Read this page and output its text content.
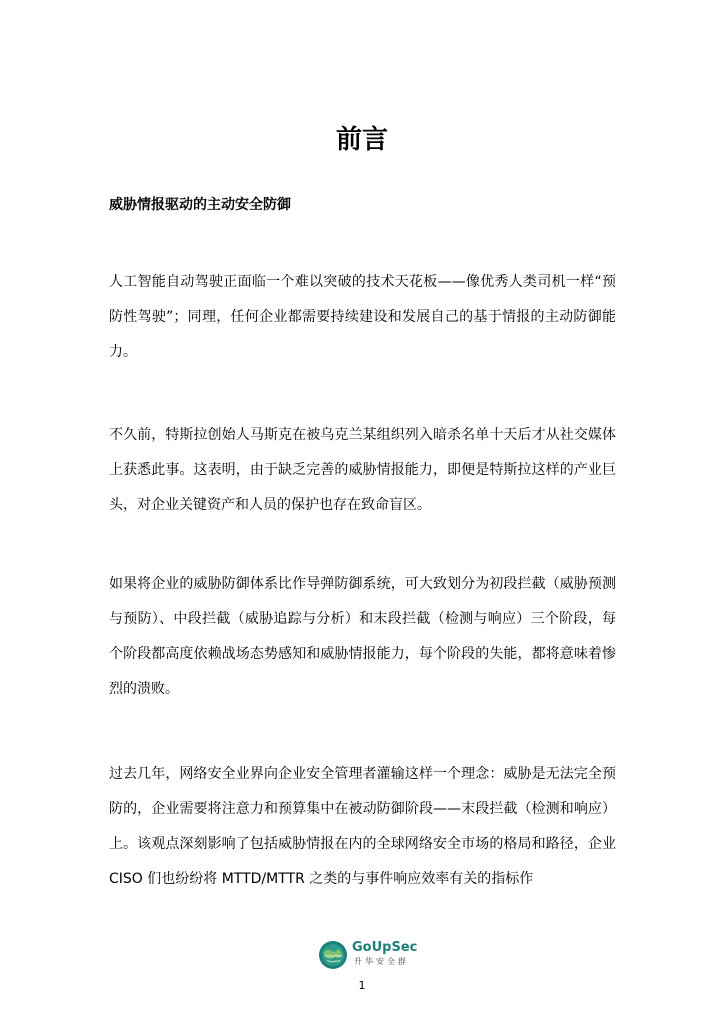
前言
威胁情报驱动的主动安全防御

人工智能自动驾驶正面临一个难以突破的技术天花板——像优秀人类司机一样“预防性驾驶”；同理，任何企业都需要持续建设和发展自己的基于情报的主动防御能力。

不久前，特斯拉创始人马斯克在被乌克兰某组织列入暗杀名单十天后才从社交媒体上获悉此事。这表明，由于缺乏完善的威胁情报能力，即便是特斯拉这样的产业巨头，对企业关键资产和人员的保护也存在致命盲区。

如果将企业的威胁防御体系比作导弹防御系统，可大致划分为初段拦截（威胁预测与预防）、中段拦截（威胁追踪与分析）和末段拦截（检测与响应）三个阶段，每个阶段都高度依赖战场态势感知和威胁情报能力，每个阶段的失能，都将意味着惨烈的溃败。

过去几年，网络安全业界向企业安全管理者灌输这样一个理念：威胁是无法完全预防的，企业需要将注意力和预算集中在被动防御阶段——末段拦截（检测和响应）上。该观点深刻影响了包括威胁情报在内的全球网络安全市场的格局和路径，企业 CISO 们也纷纷将 MTTD/MTTR 之类的与事件响应效率有关的指标作

GoUpSec
GoUpSec
升华安全群
1
